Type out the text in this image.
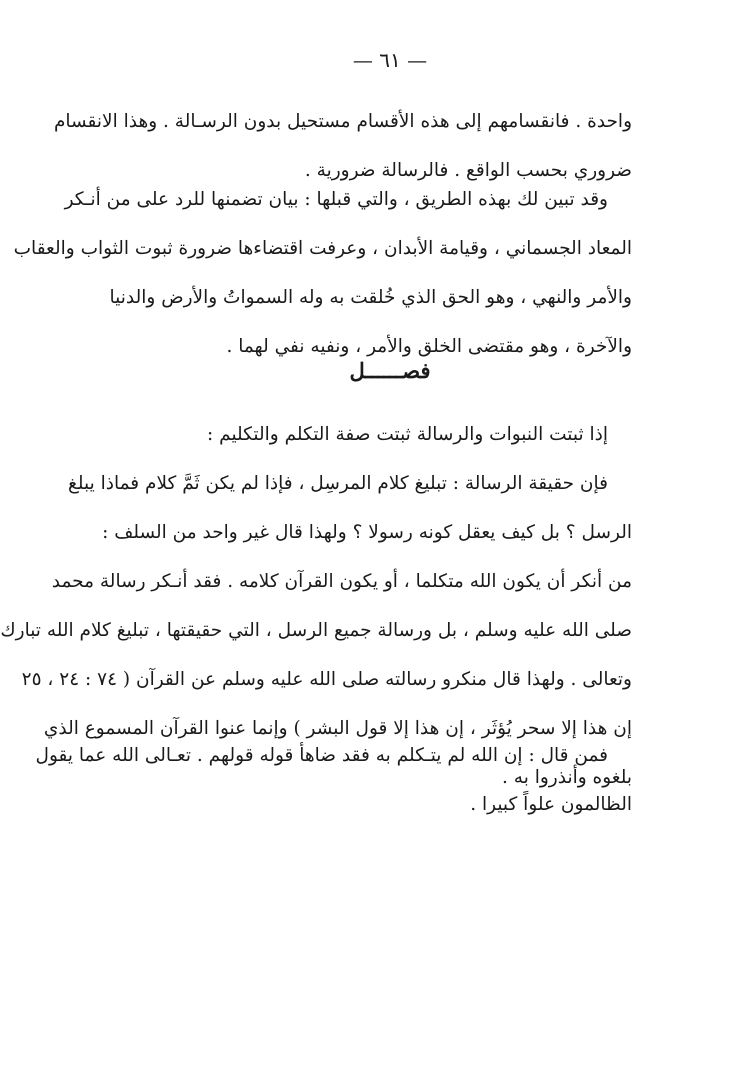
— ٦١ —
واحدة . فانقسامهم إلى هذه الأقسام مستحيل بدون الرسـالة . وهذا الانقسام
ضروري بحسب الواقع . فالرسالة ضرورية .
وقد تبين لك بهذه الطريق ، والتي قبلها : بيان تضمنها للرد على من أنـكر
المعاد الجسماني ، وقيامة الأبدان ، وعرفت اقتضاءها ضرورة ثبوت الثواب والعقاب
والأمر والنهي ، وهو الحق الذي خُلقت به وله السمواتُ والأرض والدنيا
والآخرة ، وهو مقتضى الخلق والأمر ، ونفيه نفي لهما .
فصــــــل
إذا ثبتت النبوات والرسالة ثبتت صفة التكلم والتكليم :
فإن حقيقة الرسالة : تبليغ كلام المرسِل ، فإذا لم يكن ثَمَّ كلام فماذا يبلغ
الرسل ؟ بل كيف يعقل كونه رسولا ؟ ولهذا قال غير واحد من السلف :
من أنكر أن يكون الله متكلما ، أو يكون القرآن كلامه . فقد أنـكر رسالة محمد
صلى الله عليه وسلم ، بل ورسالة جميع الرسل ، التي حقيقتها ، تبليغ كلام الله تبارك
وتعالى . ولهذا قال منكرو رسالته صلى الله عليه وسلم عن القرآن ( ٧٤ : ٢٤ ، ٢٥
إن هذا إلا سحر يُؤثَر ، إن هذا إلا قول البشر ) وإنما عنوا القرآن المسموع الذي
بلغوه وأنذروا به .
فمن قال : إن الله لم يتـكلم به فقد ضاهأ قوله قولهم . تعـالى الله عما يقول
الظالمون علواً كبيرا .
